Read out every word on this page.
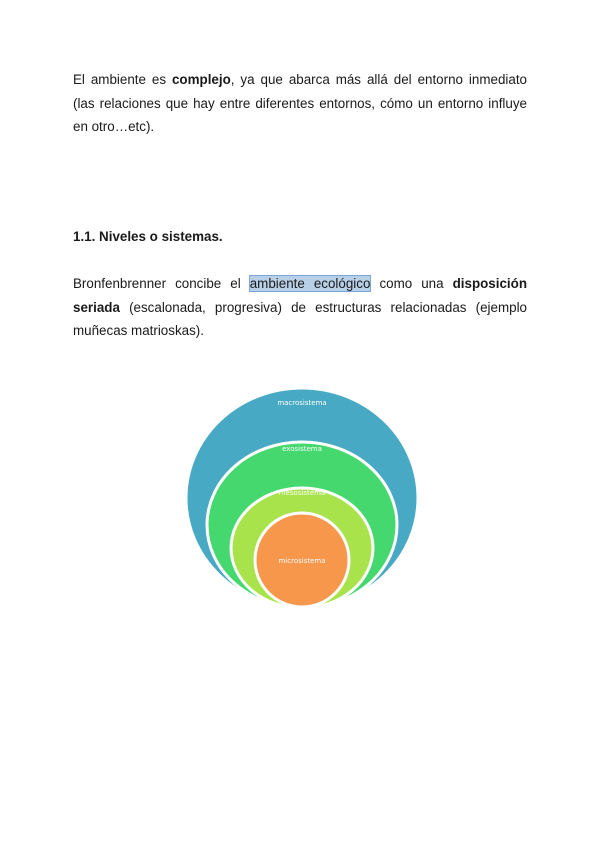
El ambiente es complejo, ya que abarca más allá del entorno inmediato (las relaciones que hay entre diferentes entornos, cómo un entorno influye en otro…etc).

1.1. Niveles o sistemas.

Bronfenbrenner concibe el ambiente ecológico como una disposición seriada (escalonada, progresiva) de estructuras relacionadas (ejemplo muñecas matrioskas).

macrosistema
exosistema
mesosistema
microsistema
